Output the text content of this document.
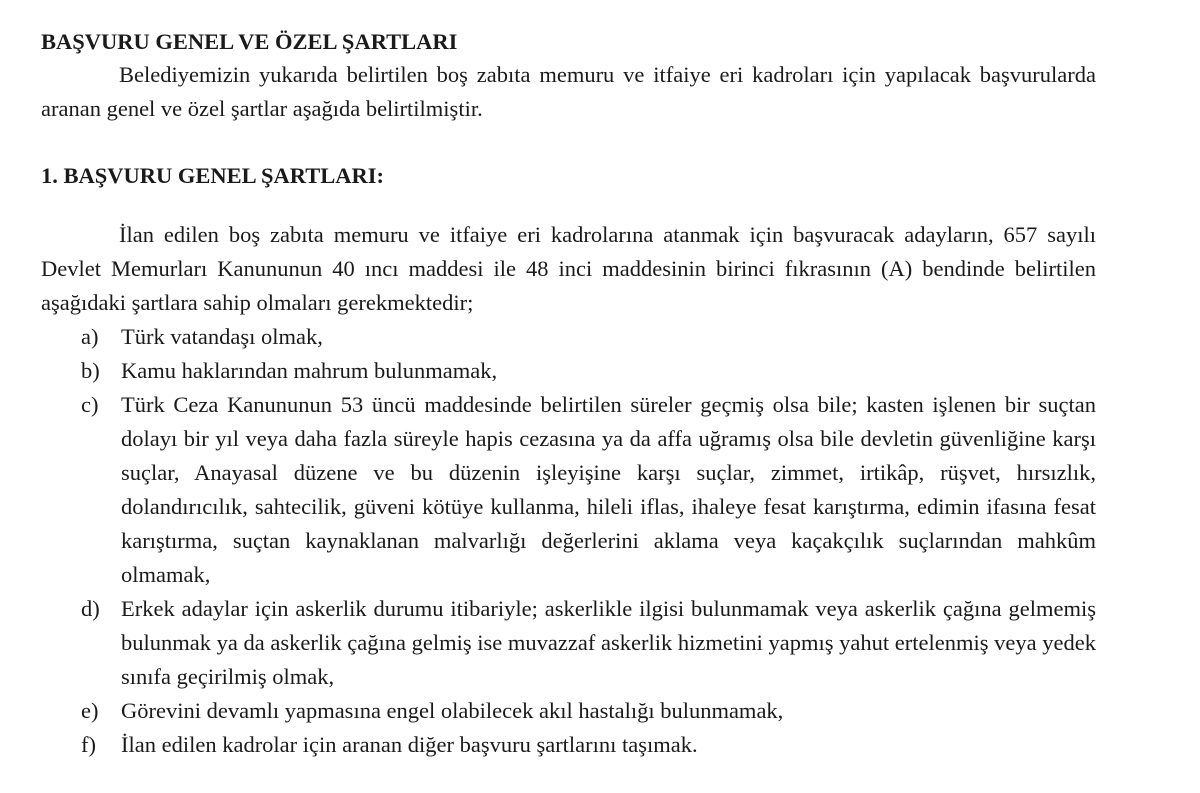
BAŞVURU GENEL VE ÖZEL ŞARTLARI

Belediyemizin yukarıda belirtilen boş zabıta memuru ve itfaiye eri kadroları için yapılacak başvurularda aranan genel ve özel şartlar aşağıda belirtilmiştir.

1. BAŞVURU GENEL ŞARTLARI:

İlan edilen boş zabıta memuru ve itfaiye eri kadrolarına atanmak için başvuracak adayların, 657 sayılı Devlet Memurları Kanununun 40 ıncı maddesi ile 48 inci maddesinin birinci fıkrasının (A) bendinde belirtilen aşağıdaki şartlara sahip olmaları gerekmektedir;

a)	Türk vatandaşı olmak,
b) Kamu haklarından mahrum bulunmamak,
c)	Türk Ceza Kanununun 53 üncü maddesinde belirtilen süreler geçmiş olsa bile; kasten işlenen bir suçtan dolayı bir yıl veya daha fazla süreyle hapis cezasına ya da affa uğramış olsa bile devletin güvenliğine karşı suçlar, Anayasal düzene ve bu düzenin işleyişine karşı suçlar, zimmet, irtikâp, rüşvet, hırsızlık, dolandırıcılık, sahtecilik, güveni kötüye kullanma, hileli iflas, ihaleye fesat karıştırma, edimin ifasına fesat karıştırma, suçtan kaynaklanan malvarlığı değerlerini aklama veya kaçakçılık suçlarından mahkûm olmamak,
d) Erkek adaylar için askerlik durumu itibariyle; askerlikle ilgisi bulunmamak veya askerlik çağına gelmemiş bulunmak ya da askerlik çağına gelmiş ise muvazzaf askerlik hizmetini yapmış yahut ertelenmiş veya yedek sınıfa geçirilmiş olmak,
e)	Görevini devamlı yapmasına engel olabilecek akıl hastalığı bulunmamak,
f)	İlan edilen kadrolar için aranan diğer başvuru şartlarını taşımak.
